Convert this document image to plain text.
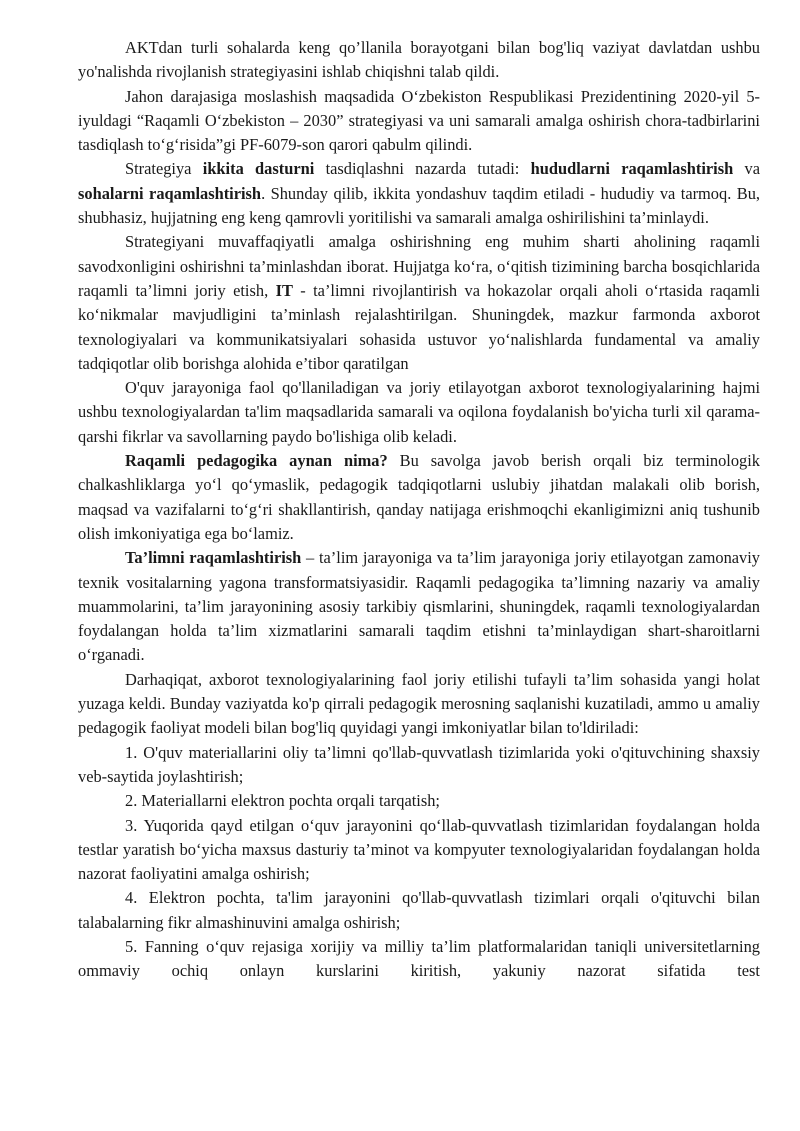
AKTdan turli sohalarda keng qo’llanila borayotgani bilan bog'liq vaziyat davlatdan ushbu yo'nalishda rivojlanish strategiyasini ishlab chiqishni talab qildi.

Jahon darajasiga moslashish maqsadida O‘zbekiston Respublikasi Prezidentining 2020-yil 5-iyuldagi “Raqamli O‘zbekiston – 2030” strategiyasi va uni samarali amalga oshirish chora-tadbirlarini tasdiqlash to‘g‘risida”gi PF-6079-son qarori qabulm qilindi.

Strategiya ikkita dasturni tasdiqlashni nazarda tutadi: hududlarni raqamlashtirish va sohalarni raqamlashtirish. Shunday qilib, ikkita yondashuv taqdim etiladi - hududiy va tarmoq. Bu, shubhasiz, hujjatning eng keng qamrovli yoritilishi va samarali amalga oshirilishini ta’minlaydi.

Strategiyani muvaffaqiyatli amalga oshirishning eng muhim sharti aholining raqamli savodxonligini oshirishni ta’minlashdan iborat. Hujjatga ko‘ra, o‘qitish tizimining barcha bosqichlarida raqamli ta’limni joriy etish, IT - ta’limni rivojlantirish va hokazolar orqali aholi o‘rtasida raqamli ko‘nikmalar mavjudligini ta’minlash rejalashtirilgan. Shuningdek, mazkur farmonda axborot texnologiyalari va kommunikatsiyalari sohasida ustuvor yo‘nalishlarda fundamental va amaliy tadqiqotlar olib borishga alohida e’tibor qaratilgan

O'quv jarayoniga faol qo'llaniladigan va joriy etilayotgan axborot texnologiyalarining hajmi ushbu texnologiyalardan ta'lim maqsadlarida samarali va oqilona foydalanish bo'yicha turli xil qarama-qarshi fikrlar va savollarning paydo bo'lishiga olib keladi.

Raqamli pedagogika aynan nima? Bu savolga javob berish orqali biz terminologik chalkashliklarga yo‘l qo‘ymaslik, pedagogik tadqiqotlarni uslubiy jihatdan malakali olib borish, maqsad va vazifalarni to‘g‘ri shakllantirish, qanday natijaga erishmoqchi ekanligimizni aniq tushunib olish imkoniyatiga ega bo‘lamiz.

Ta’limni raqamlashtirish – ta’lim jarayoniga va ta’lim jarayoniga joriy etilayotgan zamonaviy texnik vositalarning yagona transformatsiyasidir. Raqamli pedagogika ta’limning nazariy va amaliy muammolarini, ta’lim jarayonining asosiy tarkibiy qismlarini, shuningdek, raqamli texnologiyalardan foydalangan holda ta’lim xizmatlarini samarali taqdim etishni ta’minlaydigan shart-sharoitlarni o‘rganadi.

Darhaqiqat, axborot texnologiyalarining faol joriy etilishi tufayli ta’lim sohasida yangi holat yuzaga keldi. Bunday vaziyatda ko'p qirrali pedagogik merosning saqlanishi kuzatiladi, ammo u amaliy pedagogik faoliyat modeli bilan bog'liq quyidagi yangi imkoniyatlar bilan to'ldiriladi:

1. O'quv materiallarini oliy ta’limni qo'llab-quvvatlash tizimlarida yoki o'qituvchining shaxsiy veb-saytida joylashtirish;

2. Materiallarni elektron pochta orqali tarqatish;

3. Yuqorida qayd etilgan o‘quv jarayonini qo‘llab-quvvatlash tizimlaridan foydalangan holda testlar yaratish bo‘yicha maxsus dasturiy ta’minot va kompyuter texnologiyalaridan foydalangan holda nazorat faoliyatini amalga oshirish;

4. Elektron pochta, ta'lim jarayonini qo'llab-quvvatlash tizimlari orqali o'qituvchi bilan talabalarning fikr almashinuvini amalga oshirish;

5. Fanning o‘quv rejasiga xorijiy va milliy ta’lim platformalaridan taniqli universitetlarning ommaviy ochiq onlayn kurslarini kiritish, yakuniy nazorat sifatida test
